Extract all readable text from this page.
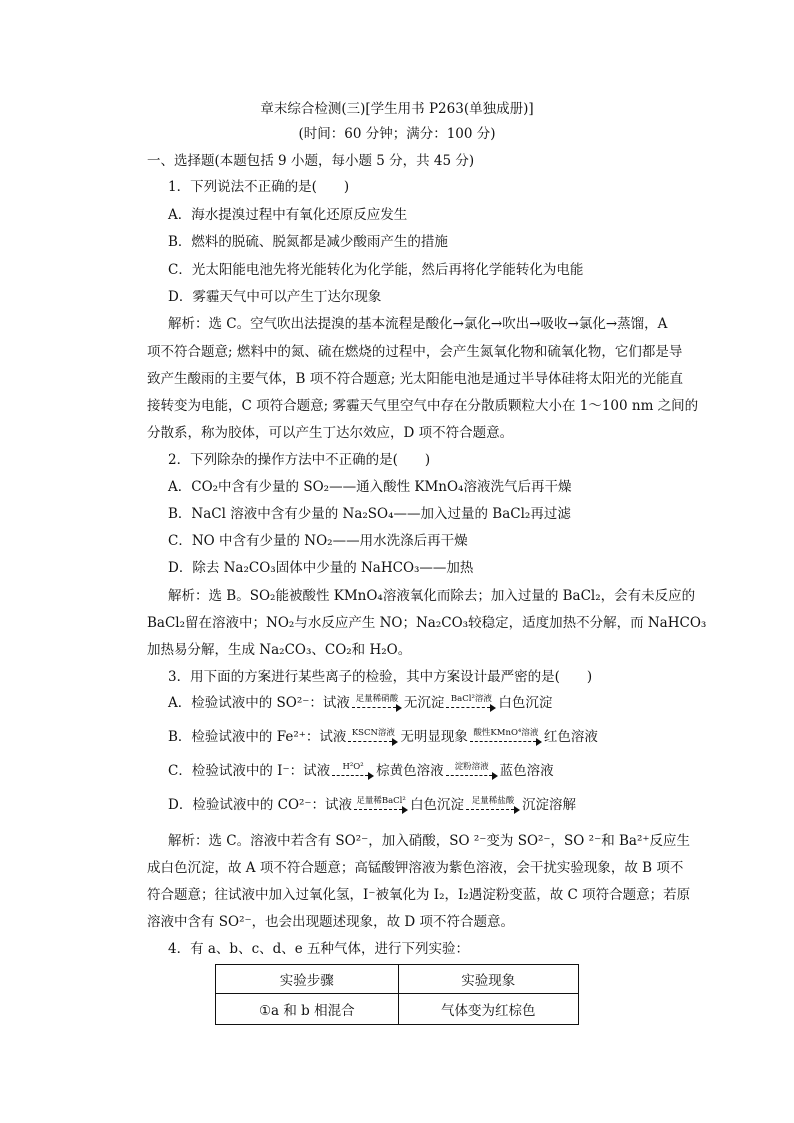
章末综合检测(三)[学生用书 P263(单独成册)]
(时间：60 分钟；满分：100 分)
一、选择题(本题包括 9 小题，每小题 5 分，共 45 分)
1．下列说法不正确的是(　　)
A．海水提溴过程中有氧化还原反应发生
B．燃料的脱硫、脱氮都是减少酸雨产生的措施
C．光太阳能电池先将光能转化为化学能，然后再将化学能转化为电能
D．雾霾天气中可以产生丁达尔现象
解析：选 C。空气吹出法提溴的基本流程是酸化→氯化→吹出→吸收→氯化→蒸馏，A
项不符合题意; 燃料中的氮、硫在燃烧的过程中，会产生氮氧化物和硫氧化物，它们都是导
致产生酸雨的主要气体，B 项不符合题意; 光太阳能电池是通过半导体硅将太阳光的光能直
接转变为电能，C 项符合题意; 雾霾天气里空气中存在分散质颗粒大小在 1～100 nm 之间的
分散系，称为胶体，可以产生丁达尔效应，D 项不符合题意。
2．下列除杂的操作方法中不正确的是(　　)
A．CO₂中含有少量的 SO₂——通入酸性 KMnO₄溶液洗气后再干燥
B．NaCl 溶液中含有少量的 Na₂SO₄——加入过量的 BaCl₂再过滤
C．NO 中含有少量的 NO₂——用水洗涤后再干燥
D．除去 Na₂CO₃固体中少量的 NaHCO₃——加热
解析：选 B。SO₂能被酸性 KMnO₄溶液氧化而除去；加入过量的 BaCl₂，会有未反应的
BaCl₂留在溶液中；NO₂与水反应产生 NO；Na₂CO₃较稳定，适度加热不分解，而 NaHCO₃
加热易分解，生成 Na₂CO₃、CO₂和 H₂O。
3．用下面的方案进行某些离子的检验，其中方案设计最严密的是(　　)
A．检验试液中的 SO²⁻：试液 足量稀硝酸 无沉淀 BaCl²溶液 白色沉淀
B．检验试液中的 Fe²⁺：试液 KSCN溶液 无明显现象 酸性KMnO⁴溶液 红色溶液
C．检验试液中的 I⁻：试液	H²O² 棕黄色溶液	淀粉溶液 蓝色溶液
D．检验试液中的 CO²⁻：试液 足量稀BaCl² 白色沉淀 足量稀盐酸 沉淀溶解
解析：选 C。溶液中若含有 SO²⁻，加入硝酸，SO ²⁻变为 SO²⁻，SO ²⁻和 Ba²⁺反应生
成白色沉淀，故 A 项不符合题意；高锰酸钾溶液为紫色溶液，会干扰实验现象，故 B 项不
符合题意；往试液中加入过氧化氢，I⁻被氧化为 I₂，I₂遇淀粉变蓝，故 C 项符合题意；若原
溶液中含有 SO²⁻，也会出现题述现象，故 D 项不符合题意。
4．有 a、b、c、d、e 五种气体，进行下列实验：
实验步骤	实验现象
①a 和 b 相混合	气体变为红棕色
